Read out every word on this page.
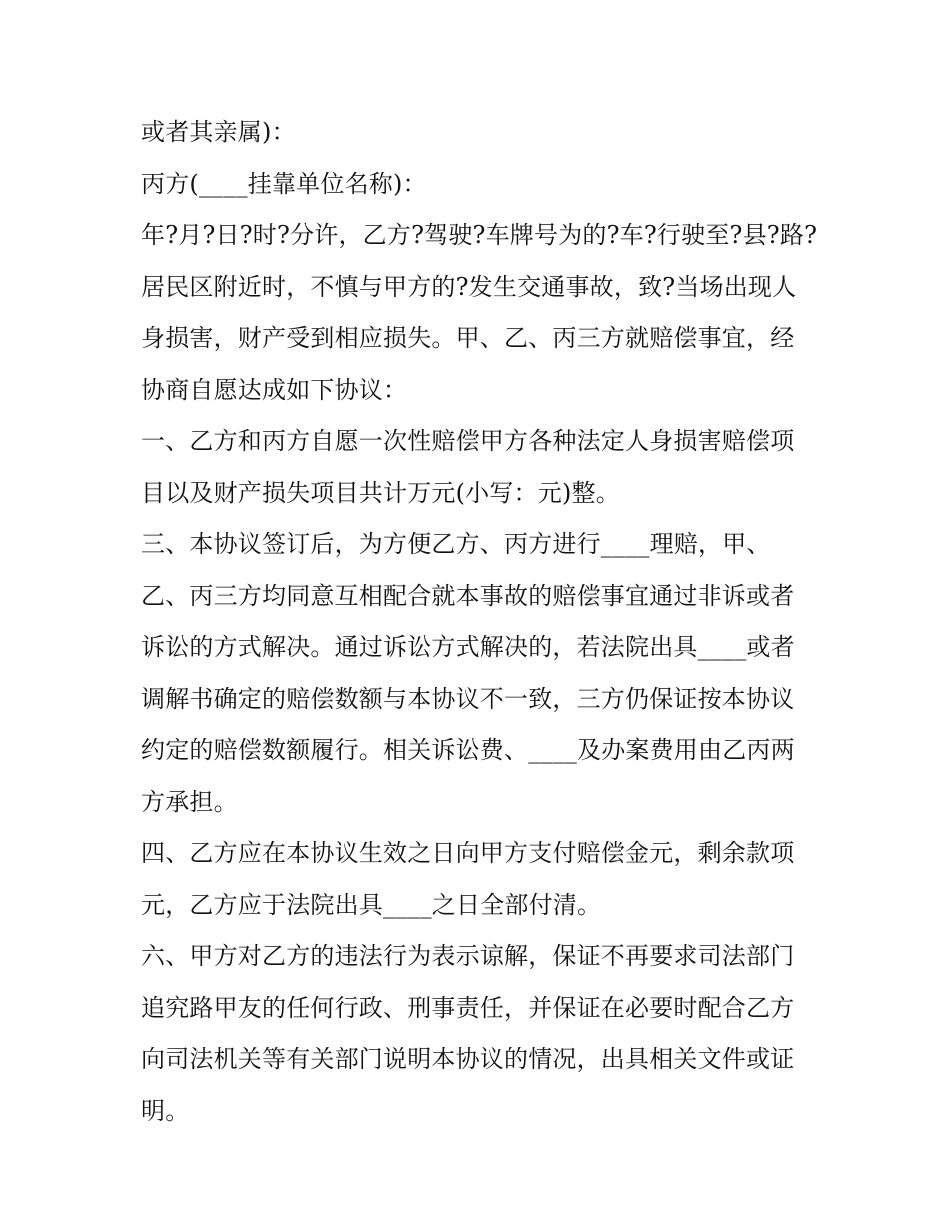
或者其亲属)：
丙方(____挂靠单位名称)：
年?月?日?时?分许，乙方?驾驶?车牌号为的?车?行驶至?县?路?
居民区附近时，不慎与甲方的?发生交通事故，致?当场出现人
身损害，财产受到相应损失。甲、乙、丙三方就赔偿事宜，经
协商自愿达成如下协议：
一、乙方和丙方自愿一次性赔偿甲方各种法定人身损害赔偿项
目以及财产损失项目共计万元(小写：元)整。
三、本协议签订后，为方便乙方、丙方进行____理赔，甲、
乙、丙三方均同意互相配合就本事故的赔偿事宜通过非诉或者
诉讼的方式解决。通过诉讼方式解决的，若法院出具____或者
调解书确定的赔偿数额与本协议不一致，三方仍保证按本协议
约定的赔偿数额履行。相关诉讼费、____及办案费用由乙丙两
方承担。
四、乙方应在本协议生效之日向甲方支付赔偿金元，剩余款项
元，乙方应于法院出具____之日全部付清。
六、甲方对乙方的违法行为表示谅解，保证不再要求司法部门
追究路甲友的任何行政、刑事责任，并保证在必要时配合乙方
向司法机关等有关部门说明本协议的情况，出具相关文件或证
明。
